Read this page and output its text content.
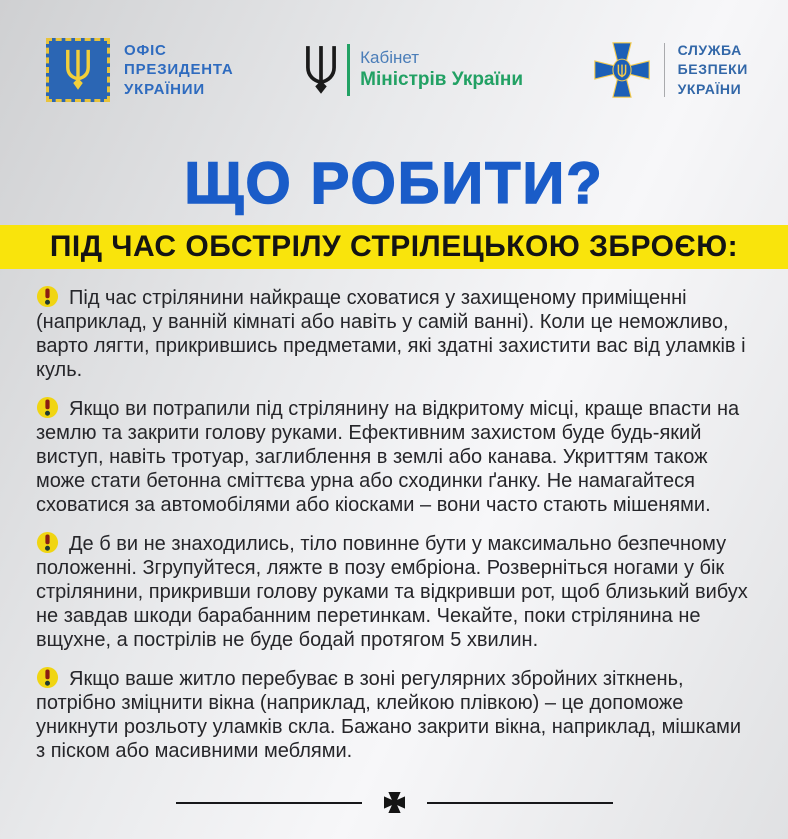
ОФІС
ПРЕЗИДЕНТА
УКРАЇНИИ
Кабінет
Міністрів України
СЛУЖБА
БЕЗПЕКИ
УКРАЇНИ
ЩО РОБИТИ?
ПІД ЧАС ОБСТРІЛУ СТРІЛЕЦЬКОЮ ЗБРОЄЮ:

Під час стрілянини найкраще сховатися у захищеному приміщенні (наприклад, у ванній кімнаті або навіть у самій ванні). Коли це неможливо, варто лягти, прикрившись предметами, які здатні захистити вас від уламків і куль.

Якщо ви потрапили під стрілянину на відкритому місці, краще впасти на землю та закрити голову руками. Ефективним захистом буде будь-який виступ, навіть тротуар, заглиблення в землі або канава. Укриттям також може стати бетонна сміттєва урна або сходинки ґанку. Не намагайтеся сховатися за автомобілями або кіосками – вони часто стають мішенями.

Де б ви не знаходились, тіло повинне бути у максимально безпечному положенні. Згрупуйтеся, ляжте в позу ембріона. Розверніться ногами у бік стрілянини, прикривши голову руками та відкривши рот, щоб близький вибух не завдав шкоди барабанним перетинкам. Чекайте, поки стрілянина не вщухне, а пострілів не буде бодай протягом 5 хвилин.

Якщо ваше житло перебуває в зоні регулярних збройних зіткнень, потрібно зміцнити вікна (наприклад, клейкою плівкою) – це допоможе уникнути розльоту уламків скла. Бажано закрити вікна, наприклад, мішками з піском або масивними меблями.
